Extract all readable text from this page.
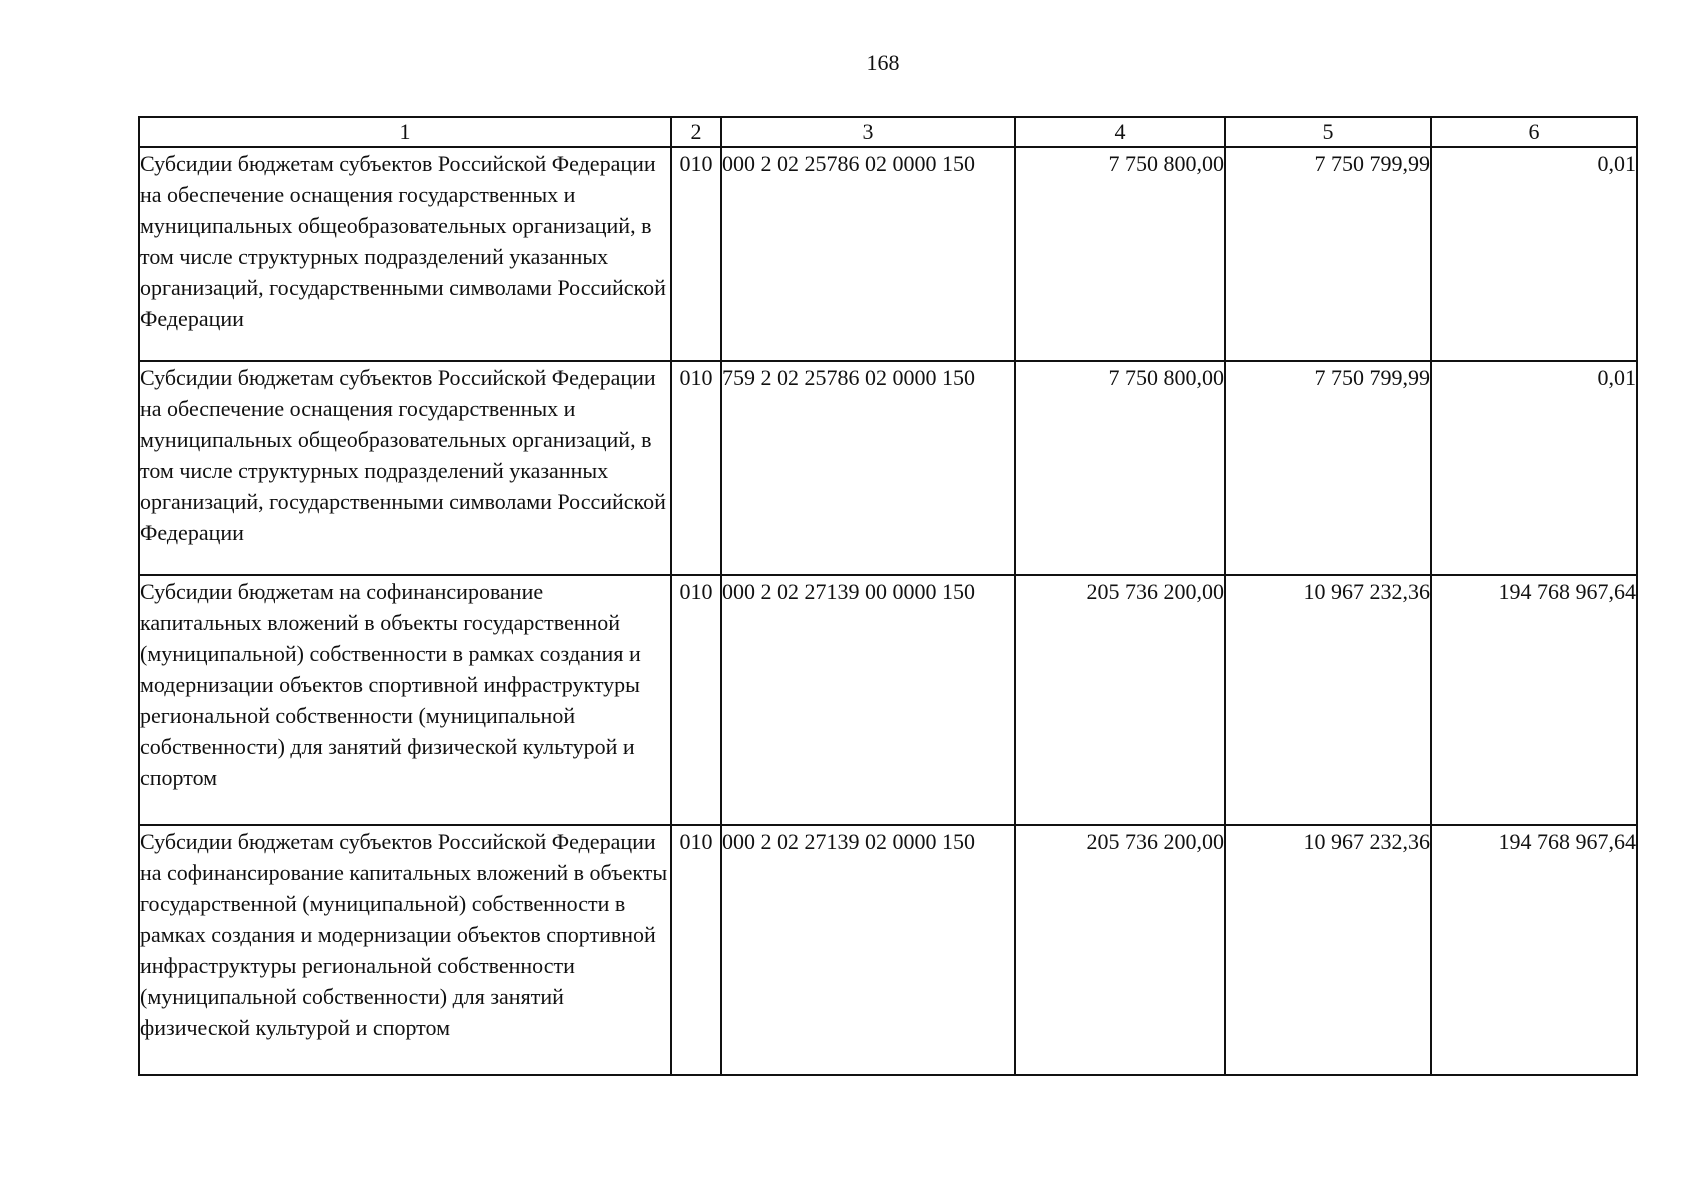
168
1	2	3	4	5	6
Субсидии бюджетам субъектов Российской Федерации на обеспечение оснащения государственных и муниципальных общеобразовательных организаций, в том числе структурных подразделений указанных организаций, государственными символами Российской Федерации	010	000 2 02 25786 02 0000 150	7 750 800,00	7 750 799,99	0,01
Субсидии бюджетам субъектов Российской Федерации на обеспечение оснащения государственных и муниципальных общеобразовательных организаций, в том числе структурных подразделений указанных организаций, государственными символами Российской Федерации	010	759 2 02 25786 02 0000 150	7 750 800,00	7 750 799,99	0,01
Субсидии бюджетам на софинансирование капитальных вложений в объекты государственной (муниципальной) собственности в рамках создания и модернизации объектов спортивной инфраструктуры региональной собственности (муниципальной собственности) для занятий физической культурой и спортом	010	000 2 02 27139 00 0000 150	205 736 200,00	10 967 232,36	194 768 967,64
Субсидии бюджетам субъектов Российской Федерации на софинансирование капитальных вложений в объекты государственной (муниципальной) собственности в рамках создания и модернизации объектов спортивной инфраструктуры региональной собственности (муниципальной собственности) для занятий физической культурой и спортом	010	000 2 02 27139 02 0000 150	205 736 200,00	10 967 232,36	194 768 967,64
